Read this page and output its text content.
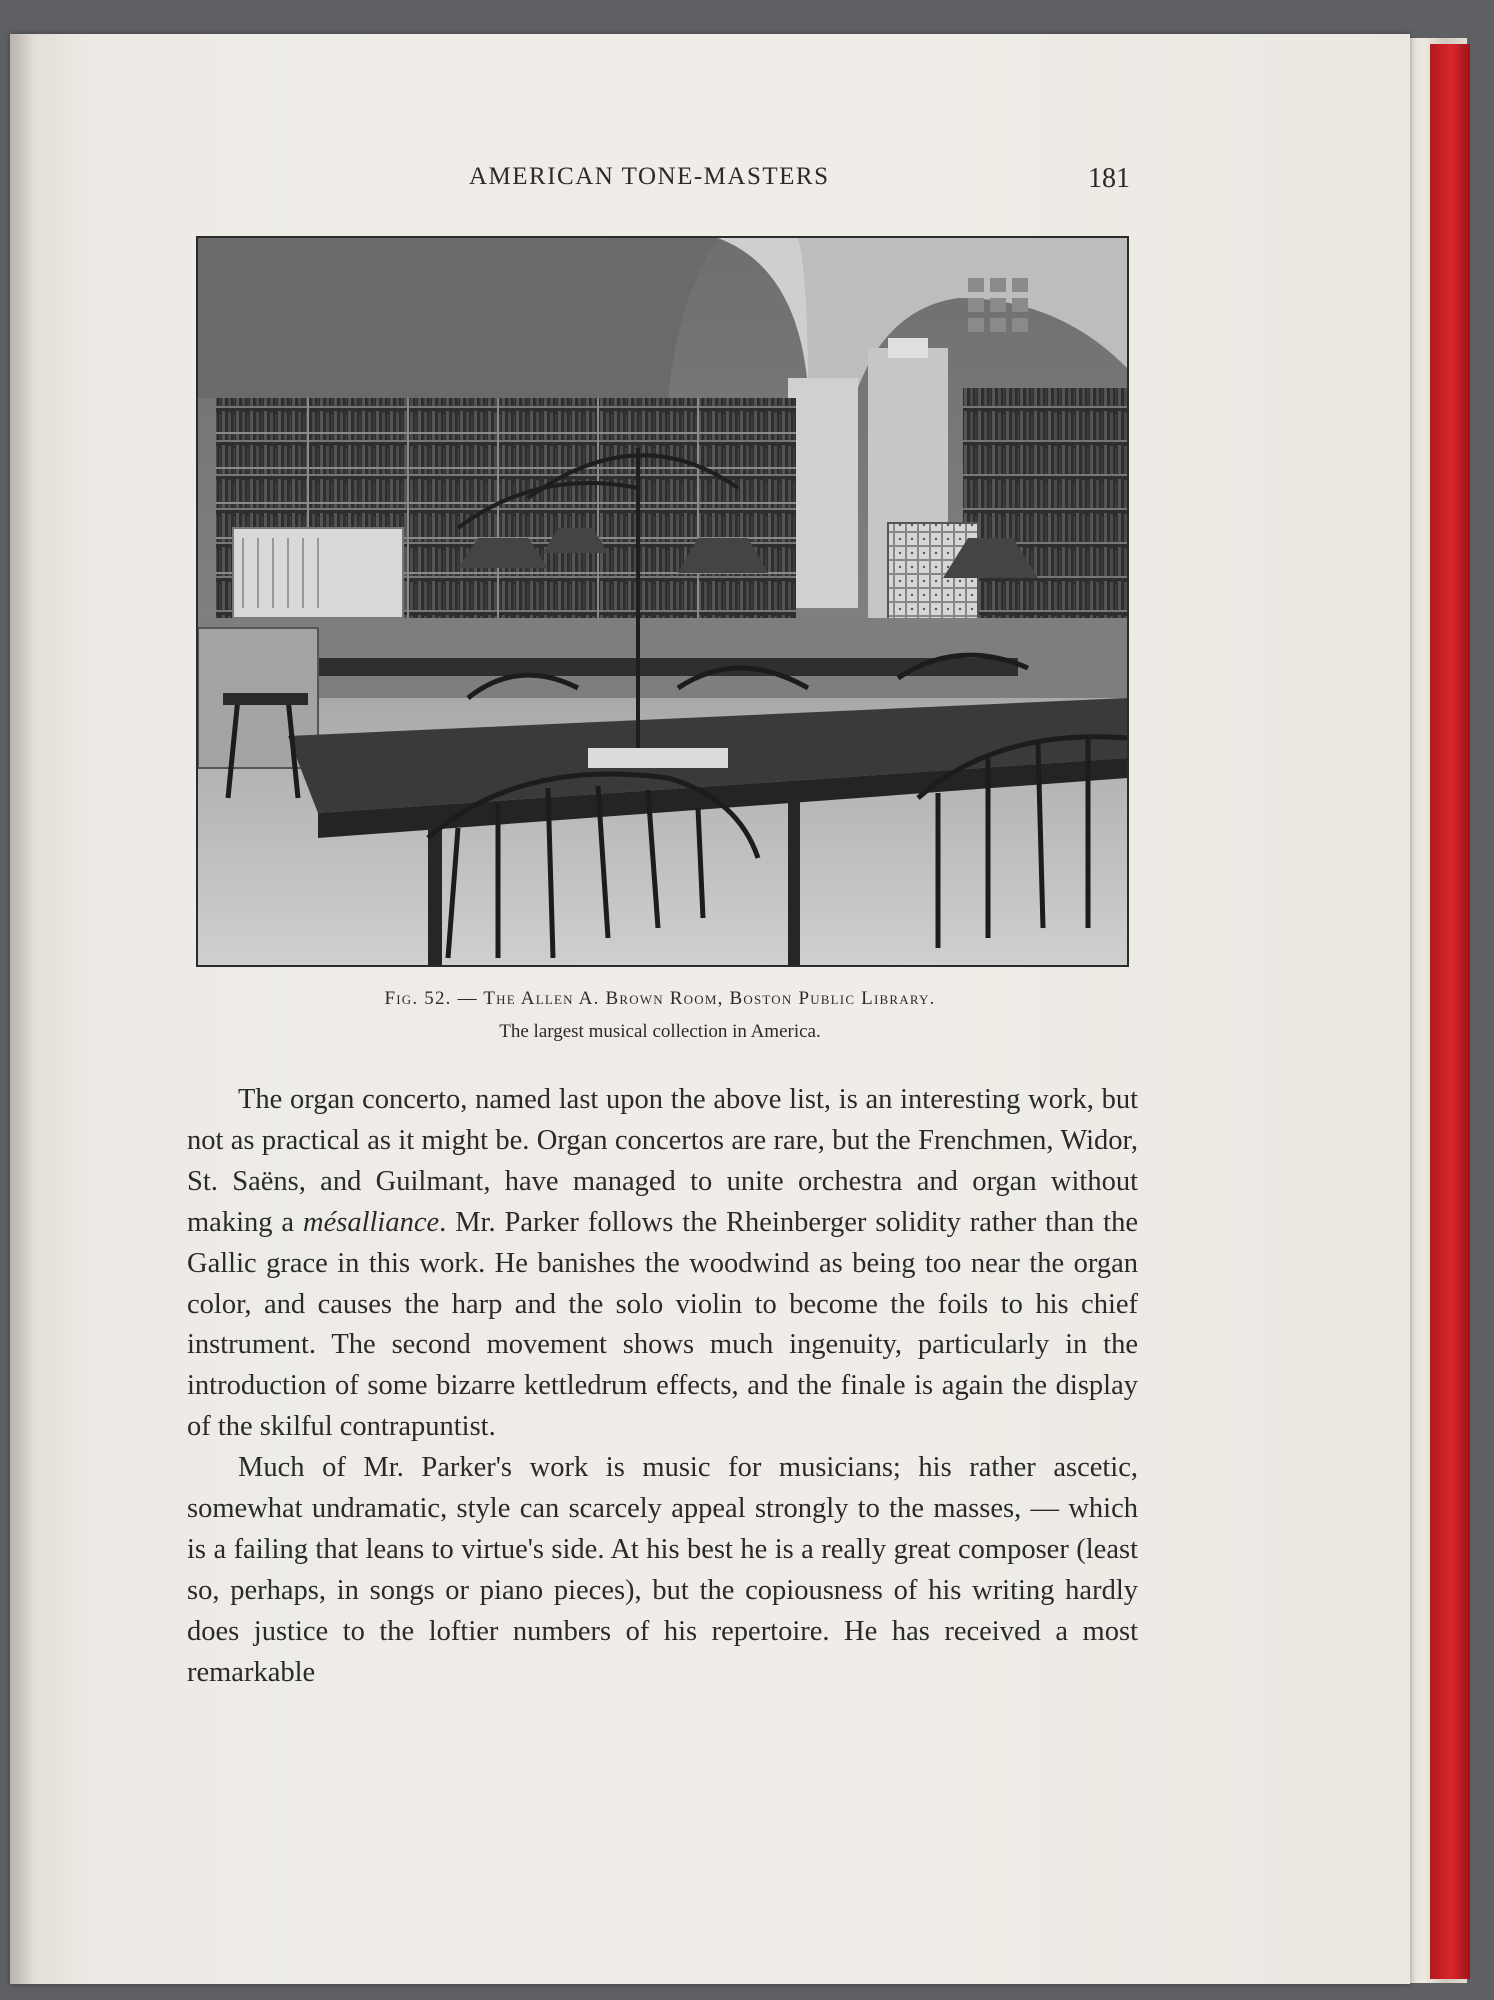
AMERICAN TONE-MASTERS	181
Fig. 52. — The Allen A. Brown Room, Boston Public Library.
The largest musical collection in America.

The organ concerto, named last upon the above list, is an interesting work, but not as practical as it might be. Organ concertos are rare, but the Frenchmen, Widor, St. Saëns, and Guilmant, have managed to unite orchestra and organ without making a mésalliance. Mr. Parker follows the Rheinberger solidity rather than the Gallic grace in this work. He banishes the woodwind as being too near the organ color, and causes the harp and the solo violin to become the foils to his chief instrument. The second movement shows much ingenuity, particularly in the introduction of some bizarre kettledrum effects, and the finale is again the display of the skilful contrapuntist.

Much of Mr. Parker's work is music for musicians; his rather ascetic, somewhat undramatic, style can scarcely appeal strongly to the masses, — which is a failing that leans to virtue's side. At his best he is a really great composer (least so, perhaps, in songs or piano pieces), but the copiousness of his writing hardly does justice to the loftier numbers of his repertoire. He has received a most remarkable
